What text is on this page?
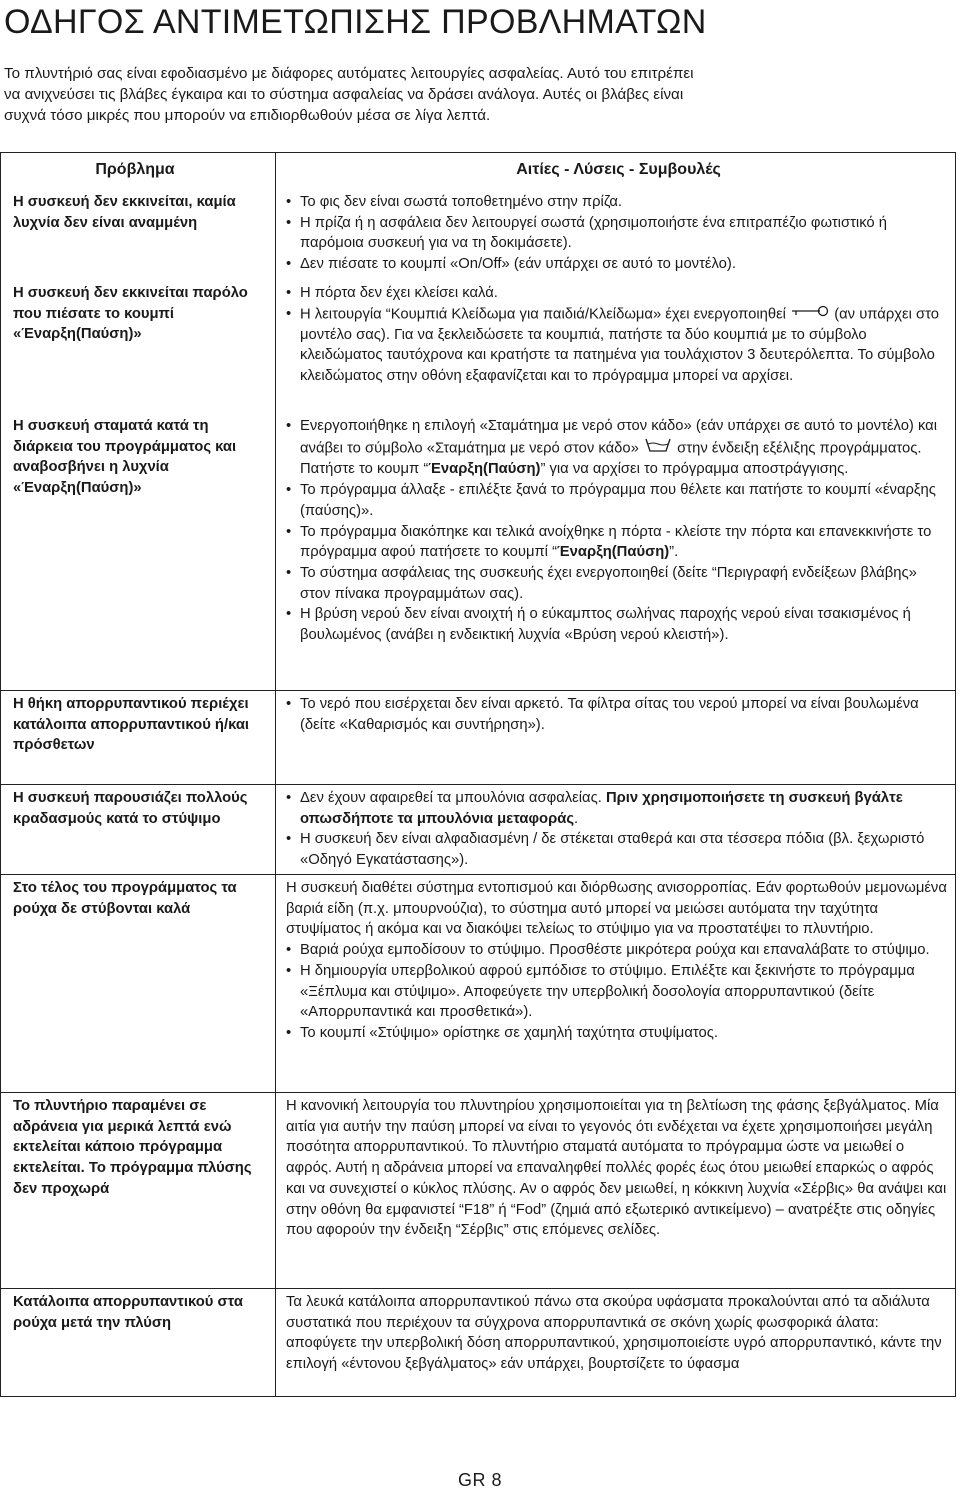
ΟΔΗΓΟΣ ΑΝΤΙΜΕΤΩΠΙΣΗΣ ΠΡΟΒΛΗΜΑΤΩΝ
Το πλυντήριό σας είναι εφοδιασμένο με διάφορες αυτόματες λειτουργίες ασφαλείας. Αυτό του επιτρέπει
να ανιχνεύσει τις βλάβες έγκαιρα και το σύστημα ασφαλείας να δράσει ανάλογα. Αυτές οι βλάβες είναι
συχνά τόσο μικρές που μπορούν να επιδιορθωθούν μέσα σε λίγα λεπτά.
Πρόβλημα	Αιτίες - Λύσεις - Συμβουλές
Η συσκευή δεν εκκινείται, καμία λυχνία δεν είναι αναμμένη
• Το φις δεν είναι σωστά τοποθετημένο στην πρίζα.
• Η πρίζα ή η ασφάλεια δεν λειτουργεί σωστά (χρησιμοποιήστε ένα επιτραπέζιο φωτιστικό ή παρόμοια συσκευή για να τη δοκιμάσετε).
• Δεν πιέσατε το κουμπί «On/Off» (εάν υπάρχει σε αυτό το μοντέλο).
Η συσκευή δεν εκκινείται παρόλο που πιέσατε το κουμπί «Έναρξη(Παύση)»
• Η πόρτα δεν έχει κλείσει καλά.
• Η λειτουργία “Κουμπιά Κλείδωμα για παιδιά/Κλείδωμα» έχει ενεργοποιηθεί	(αν υπάρχει στο μοντέλο σας). Για να ξεκλειδώσετε τα κουμπιά, πατήστε τα δύο κουμπιά με το σύμβολο κλειδώματος ταυτόχρονα και κρατήστε τα πατημένα για τουλάχιστον 3 δευτερόλεπτα. Το σύμβολο κλειδώματος στην οθόνη εξαφανίζεται και το πρόγραμμα μπορεί να αρχίσει.
Η συσκευή σταματά κατά τη διάρκεια του προγράμματος και αναβοσβήνει η λυχνία «Έναρξη(Παύση)»
• Ενεργοποιήθηκε η επιλογή «Σταμάτημα με νερό στον κάδο» (εάν υπάρχει σε αυτό το μοντέλο) και ανάβει το σύμβολο «Σταμάτημα με νερό στον κάδο»	στην ένδειξη εξέλιξης προγράμματος. Πατήστε το κουμπ “Έναρξη(Παύση)” για να αρχίσει το πρόγραμμα αποστράγγισης.
• Το πρόγραμμα άλλαξε - επιλέξτε ξανά το πρόγραμμα που θέλετε και πατήστε το κουμπί «έναρξης (παύσης)».
• Το πρόγραμμα διακόπηκε και τελικά ανοίχθηκε η πόρτα - κλείστε την πόρτα και επανεκκινήστε το πρόγραμμα αφού πατήσετε το κουμπί “Έναρξη(Παύση)”.
• Το σύστημα ασφάλειας της συσκευής έχει ενεργοποιηθεί (δείτε “Περιγραφή ενδείξεων βλάβης» στον πίνακα προγραμμάτων σας).
• Η βρύση νερού δεν είναι ανοιχτή ή ο εύκαμπτος σωλήνας παροχής νερού είναι τσακισμένος ή βουλωμένος (ανάβει η ενδεικτική λυχνία «Βρύση νερού κλειστή»).
Η θήκη απορρυπαντικού περιέχει κατάλοιπα απορρυπαντικού ή/και πρόσθετων
• Το νερό που εισέρχεται δεν είναι αρκετό. Τα φίλτρα σίτας του νερού μπορεί να είναι βουλωμένα (δείτε «Καθαρισμός και συντήρηση»).
Η συσκευή παρουσιάζει πολλούς κραδασμούς κατά το στύψιμο
• Δεν έχουν αφαιρεθεί τα μπουλόνια ασφαλείας. Πριν χρησιμοποιήσετε τη συσκευή βγάλτε οπωσδήποτε τα μπουλόνια μεταφοράς.
• Η συσκευή δεν είναι αλφαδιασμένη / δε στέκεται σταθερά και στα τέσσερα πόδια (βλ. ξεχωριστό «Οδηγό Εγκατάστασης»).
Στο τέλος του προγράμματος τα ρούχα δε στύβονται καλά

Η συσκευή διαθέτει σύστημα εντοπισμού και διόρθωσης ανισορροπίας. Εάν φορτωθούν μεμονωμένα βαριά είδη (π.χ. μπουρνούζια), το σύστημα αυτό μπορεί να μειώσει αυτόματα την ταχύτητα στυψίματος ή ακόμα και να διακόψει τελείως το στύψιμο για να προστατέψει το πλυντήριο.

• Βαριά ρούχα εμποδίσουν το στύψιμο. Προσθέστε μικρότερα ρούχα και επαναλάβατε το στύψιμο.
• Η δημιουργία υπερβολικού αφρού εμπόδισε το στύψιμο. Επιλέξτε και ξεκινήστε το πρόγραμμα «Ξέπλυμα και στύψιμο». Αποφεύγετε την υπερβολική δοσολογία απορρυπαντικού (δείτε «Απορρυπαντικά και προσθετικά»).
• Το κουμπί «Στύψιμο» ορίστηκε σε χαμηλή ταχύτητα στυψίματος.
Το πλυντήριο παραμένει σε αδράνεια για μερικά λεπτά ενώ εκτελείται κάποιο πρόγραμμα εκτελείται. Το πρόγραμμα πλύσης δεν προχωρά

Η κανονική λειτουργία του πλυντηρίου χρησιμοποιείται για τη βελτίωση της φάσης ξεβγάλματος. Μία αιτία για αυτήν την παύση μπορεί να είναι το γεγονός ότι ενδέχεται να έχετε χρησιμοποιήσει μεγάλη ποσότητα απορρυπαντικού. Το πλυντήριο σταματά αυτόματα το πρόγραμμα ώστε να μειωθεί ο αφρός. Αυτή η αδράνεια μπορεί να επαναληφθεί πολλές φορές έως ότου μειωθεί επαρκώς ο αφρός και να συνεχιστεί ο κύκλος πλύσης. Αν ο αφρός δεν μειωθεί, η κόκκινη λυχνία «Σέρβις» θα ανάψει και στην οθόνη θα εμφανιστεί “F18” ή “Fod” (ζημιά από εξωτερικό αντικείμενο) – ανατρέξτε στις οδηγίες που αφορούν την ένδειξη “Σέρβις” στις επόμενες σελίδες.

Κατάλοιπα απορρυπαντικού στα ρούχα μετά την πλύση

Τα λευκά κατάλοιπα απορρυπαντικού πάνω στα σκούρα υφάσματα προκαλούνται από τα αδιάλυτα συστατικά που περιέχουν τα σύγχρονα απορρυπαντικά σε σκόνη χωρίς φωσφορικά άλατα: αποφύγετε την υπερβολική δόση απορρυπαντικού, χρησιμοποιείστε υγρό απορρυπαντικό, κάντε την επιλογή «έντονου ξεβγάλματος» εάν υπάρχει, βουρτσίζετε το ύφασμα

GR 8
